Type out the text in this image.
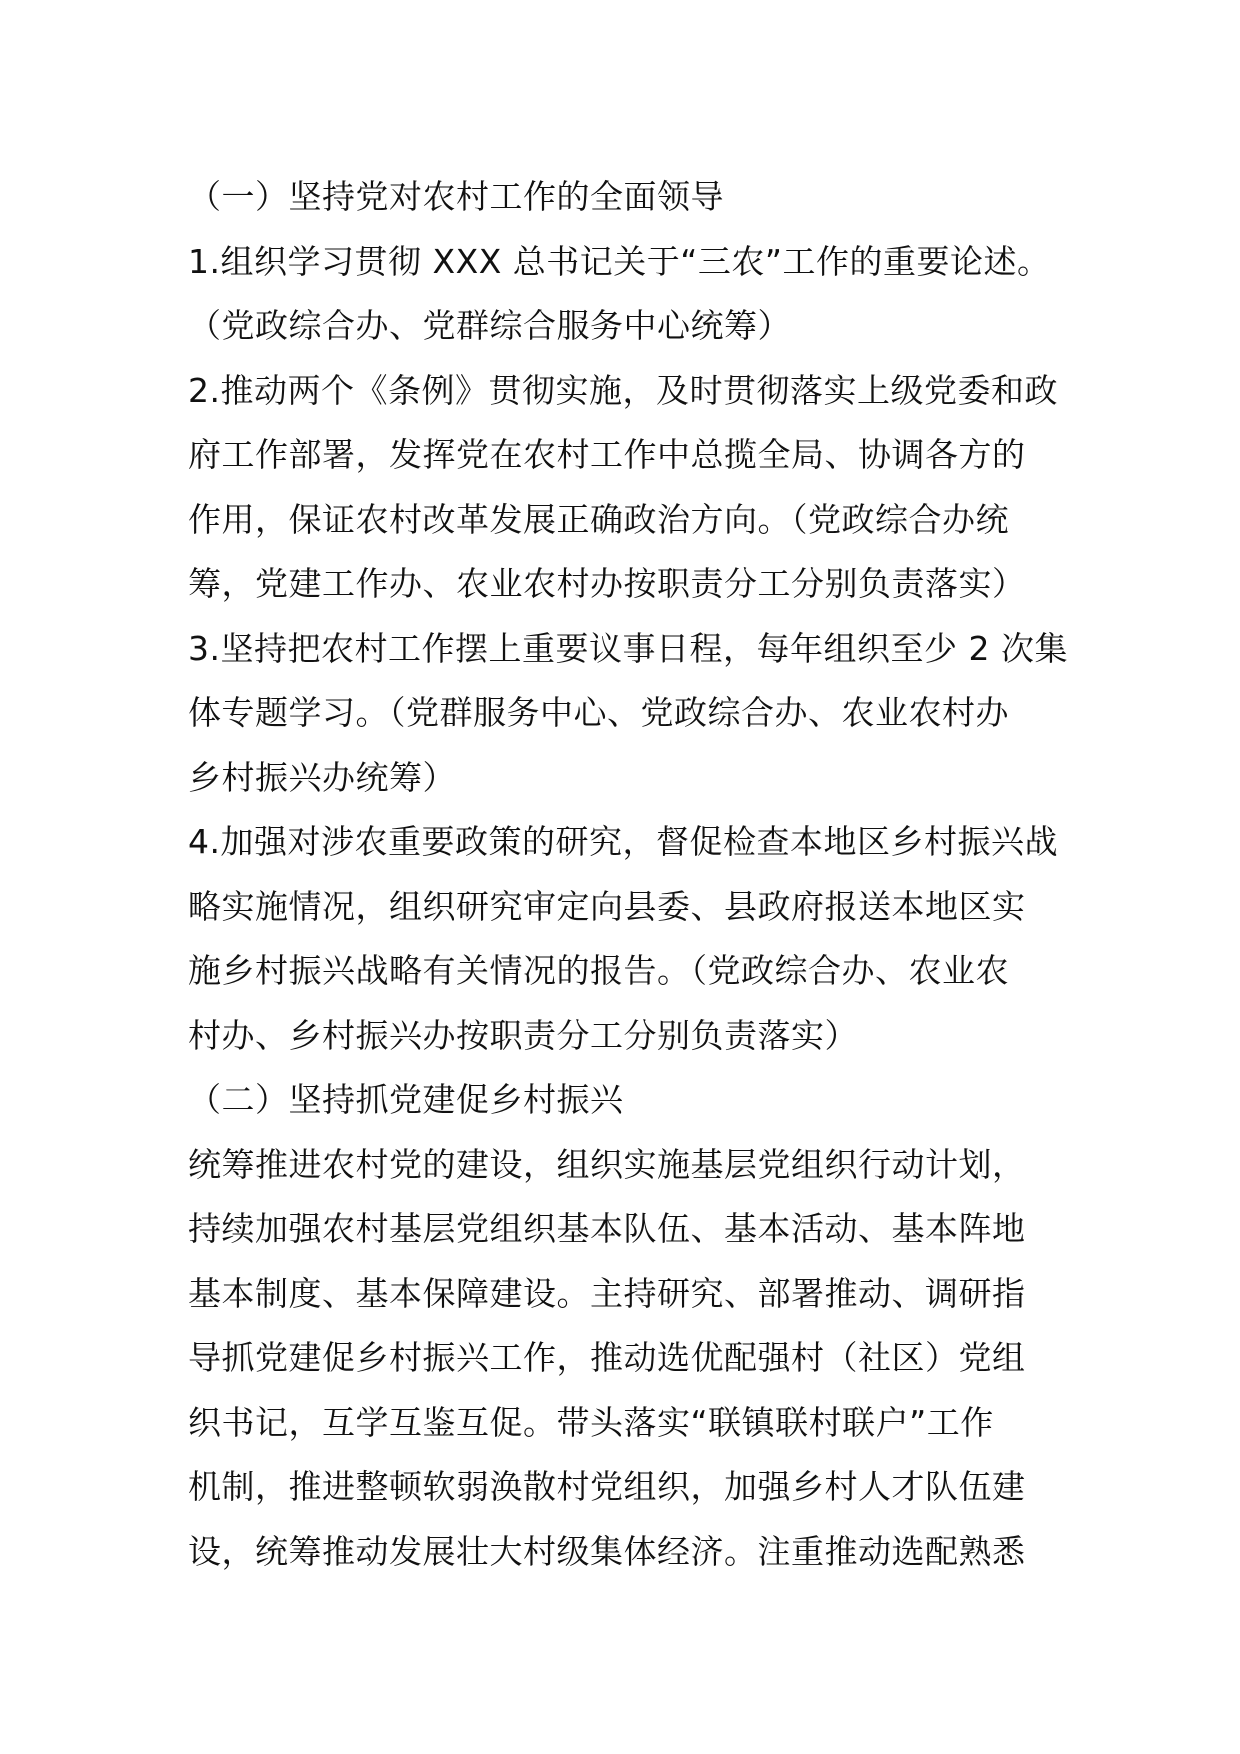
（一）坚持党对农村工作的全面领导
1.组织学习贯彻 XXX 总书记关于“三农”工作的重要论述。
（党政综合办、党群综合服务中心统筹）
2.推动两个《条例》贯彻实施，及时贯彻落实上级党委和政
府工作部署，发挥党在农村工作中总揽全局、协调各方的
作用，保证农村改革发展正确政治方向。（党政综合办统
筹，党建工作办、农业农村办按职责分工分别负责落实）
3.坚持把农村工作摆上重要议事日程，每年组织至少 2 次集
体专题学习。（党群服务中心、党政综合办、农业农村办
乡村振兴办统筹）
4.加强对涉农重要政策的研究，督促检查本地区乡村振兴战
略实施情况，组织研究审定向县委、县政府报送本地区实
施乡村振兴战略有关情况的报告。（党政综合办、农业农
村办、乡村振兴办按职责分工分别负责落实）
（二）坚持抓党建促乡村振兴
统筹推进农村党的建设，组织实施基层党组织行动计划，
持续加强农村基层党组织基本队伍、基本活动、基本阵地
基本制度、基本保障建设。主持研究、部署推动、调研指
导抓党建促乡村振兴工作，推动选优配强村（社区）党组
织书记，互学互鉴互促。带头落实“联镇联村联户”工作
机制，推进整顿软弱涣散村党组织，加强乡村人才队伍建
设，统筹推动发展壮大村级集体经济。注重推动选配熟悉
